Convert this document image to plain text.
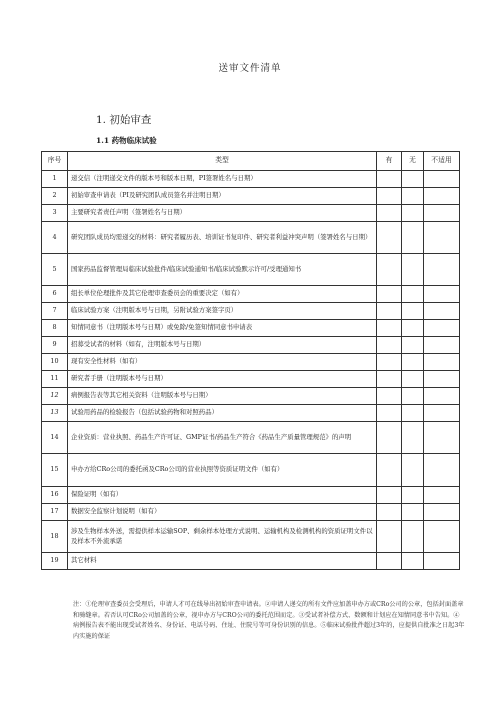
送审文件清单
1. 初始审查
1.1 药物临床试验
序号	类型	有	无	不适用
1	递交信（注明递交文件的版本号和版本日期，PI签署姓名与日期）			
2	初始审查申请表（PI及研究团队成员签名并注明日期）			
3	主要研究者责任声明（签署姓名与日期）			
4	研究团队成员均需递交的材料：研究者履历表、培训证书复印件、研究者利益冲突声明（签署姓名与日期）			
5	国家药品监督管理局临床试验批件/临床试验通知书/临床试验默示许可/受理通知书			
6	组长单位伦理批件及其它伦理审查委员会的重要决定（如有）			
7	临床试验方案（注明版本号与日期，另附试验方案签字页）			
8	知情同意书（注明版本号与日期）或免除/免签知情同意书申请表			
9	招募受试者的材料（如有，注明版本号与日期）			
10	现有安全性材料（如有）			
11	研究者手册（注明版本号与日期）			
12	病例报告表等其它相关资料（注明版本号与日期）			
13	试验用药品的检验报告（包括试验药物和对照药品）			
14	企业资质：营业执照、药品生产许可证、GMP证书/药品生产符合《药品生产质量管理规范》的声明			
15	申办方给CRo公司的委托函及CRo公司的营业执照等资质证明文件（如有）			
16	保险证明（如有）			
17	数据安全监察计划说明（如有）			
18	涉及生物样本外送，需提供样本运输SOP、剩余样本处理方式说明、运输机构及检测机构的资质证明文件以及样本不外流承诺			
19	其它材料			
注：①伦理审查委员会受理后，申请人才可在线导出初始审查申请表。②申请人递交的所有文件应加盖申办方或CRo公司的公章，包括封面盖章和骑缝章。若否认可CRo公司加盖的公章，视申办方与CRO公司的委托范围而定。③受试者补偿方式、数额和计划应在知情同意书中告知。④病例报告表不能出现受试者姓名、身份证、电话号码、住址、住院号等可身份识别的信息。⑤临床试验批件超过3年的，应提供自批准之日起3年内实施的保证
